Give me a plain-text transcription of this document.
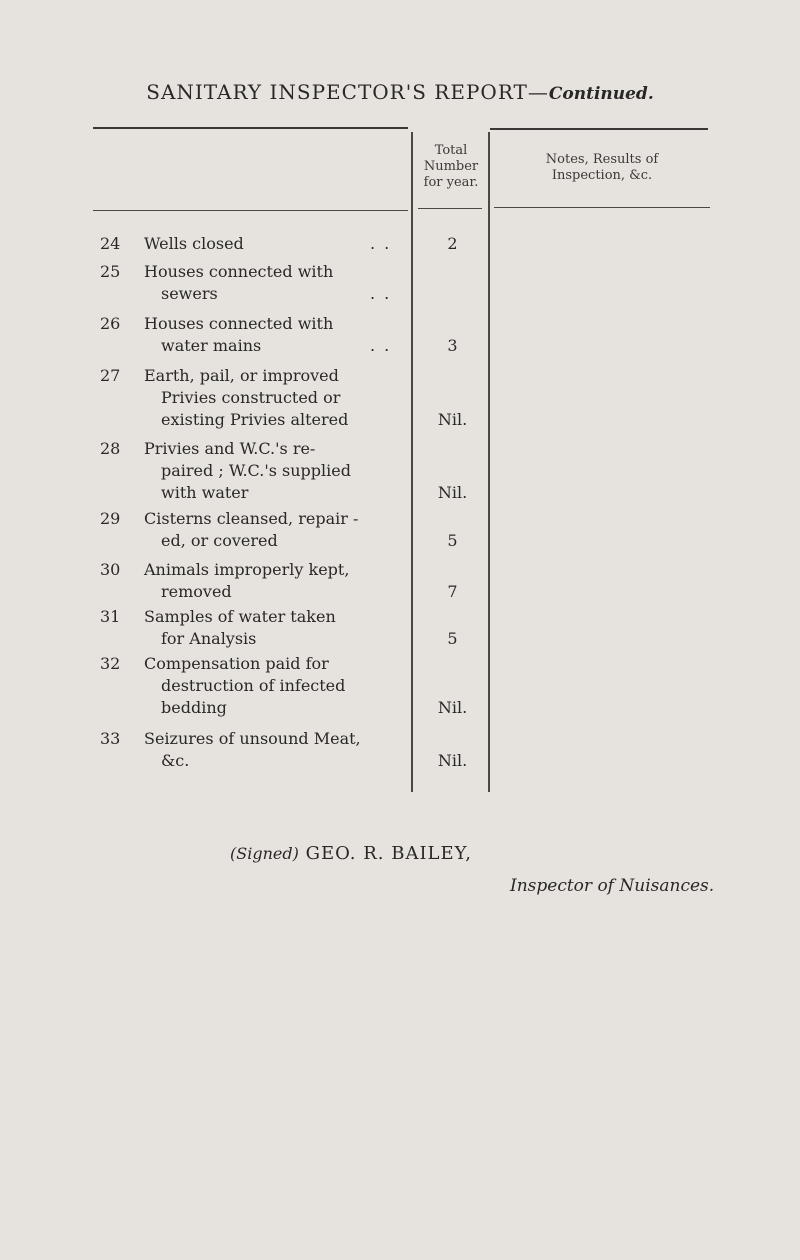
SANITARY INSPECTOR'S REPORT—Continued.
Total
Number
for year.
Notes, Results of
Inspection, &c.
24	Wells closed	. .	2
25	Houses connected with
sewers	. .
26	Houses connected with
water mains	. .	3
27	Earth, pail, or improved
Privies constructed or
existing Privies altered	Nil.
28	Privies and W.C.'s re-
paired ; W.C.'s supplied
with water	Nil.
29	Cisterns cleansed, repair -
ed, or covered	5
30	Animals improperly kept,
removed	7
31	Samples of water taken
for Analysis	5
32	Compensation paid for
destruction of infected
bedding	Nil.
33	Seizures of unsound Meat,
&c.	Nil.
(Signed) GEO. R. BAILEY,
Inspector of Nuisances.
